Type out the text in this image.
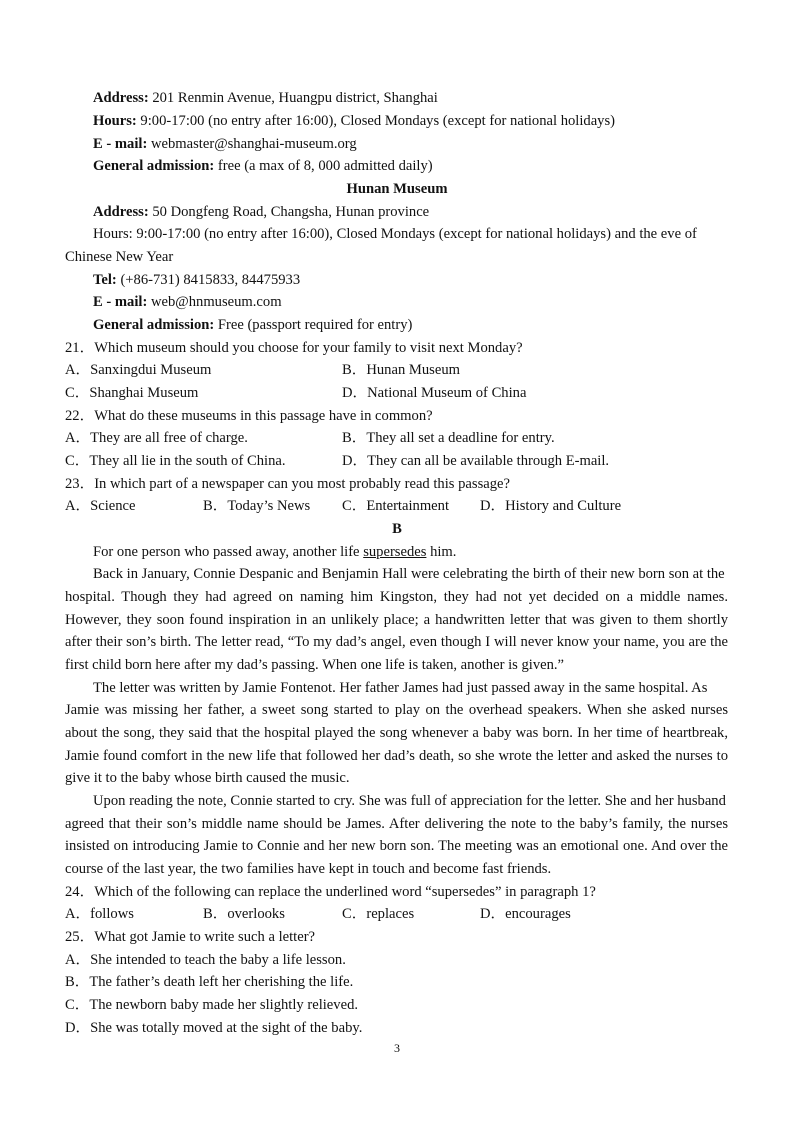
Address: 201 Renmin Avenue, Huangpu district, Shanghai
Hours: 9:00-17:00 (no entry after 16:00), Closed Mondays (except for national holidays)
E - mail: webmaster@shanghai-museum.org
General admission: free (a max of 8, 000 admitted daily)
Hunan Museum
Address: 50 Dongfeng Road, Changsha, Hunan province
Hours: 9:00-17:00 (no entry after 16:00), Closed Mondays (except for national holidays) and the eve of
Chinese New Year
Tel: (+86-731) 8415833, 84475933
E - mail: web@hnmuseum.com
General admission: Free (passport required for entry)
21．Which museum should you choose for your family to visit next Monday?
A．Sanxingdui Museum	B．Hunan Museum
C．Shanghai Museum	D．National Museum of China
22．What do these museums in this passage have in common?
A．They are all free of charge.	B．They all set a deadline for entry.
C．They all lie in the south of China.	D．They can all be available through E-mail.
23．In which part of a newspaper can you most probably read this passage?
A．Science	B．Today’s News C．Entertainment D．History and Culture
B
For one person who passed away, another life supersedes him.
Back in January, Connie Despanic and Benjamin Hall were celebrating the birth of their new born son at the
hospital. Though they had agreed on naming him Kingston, they had not yet decided on a middle names.
However, they soon found inspiration in an unlikely place; a handwritten letter that was given to them shortly
after their son’s birth. The letter read, “To my dad’s angel, even though I will never know your name, you are the
first child born here after my dad’s passing. When one life is taken, another is given.”
The letter was written by Jamie Fontenot. Her father James had just passed away in the same hospital. As
Jamie was missing her father, a sweet song started to play on the overhead speakers. When she asked nurses
about the song, they said that the hospital played the song whenever a baby was born. In her time of heartbreak,
Jamie found comfort in the new life that followed her dad’s death, so she wrote the letter and asked the nurses to
give it to the baby whose birth caused the music.
Upon reading the note, Connie started to cry. She was full of appreciation for the letter. She and her husband
agreed that their son’s middle name should be James. After delivering the note to the baby’s family, the nurses
insisted on introducing Jamie to Connie and her new born son. The meeting was an emotional one. And over the
course of the last year, the two families have kept in touch and become fast friends.
24．Which of the following can replace the underlined word “supersedes” in paragraph 1?
A．follows	B．overlooks	C．replaces	D．encourages
25．What got Jamie to write such a letter?
A．She intended to teach the baby a life lesson.
B．The father’s death left her cherishing the life.
C．The newborn baby made her slightly relieved.
D．She was totally moved at the sight of the baby.
3
